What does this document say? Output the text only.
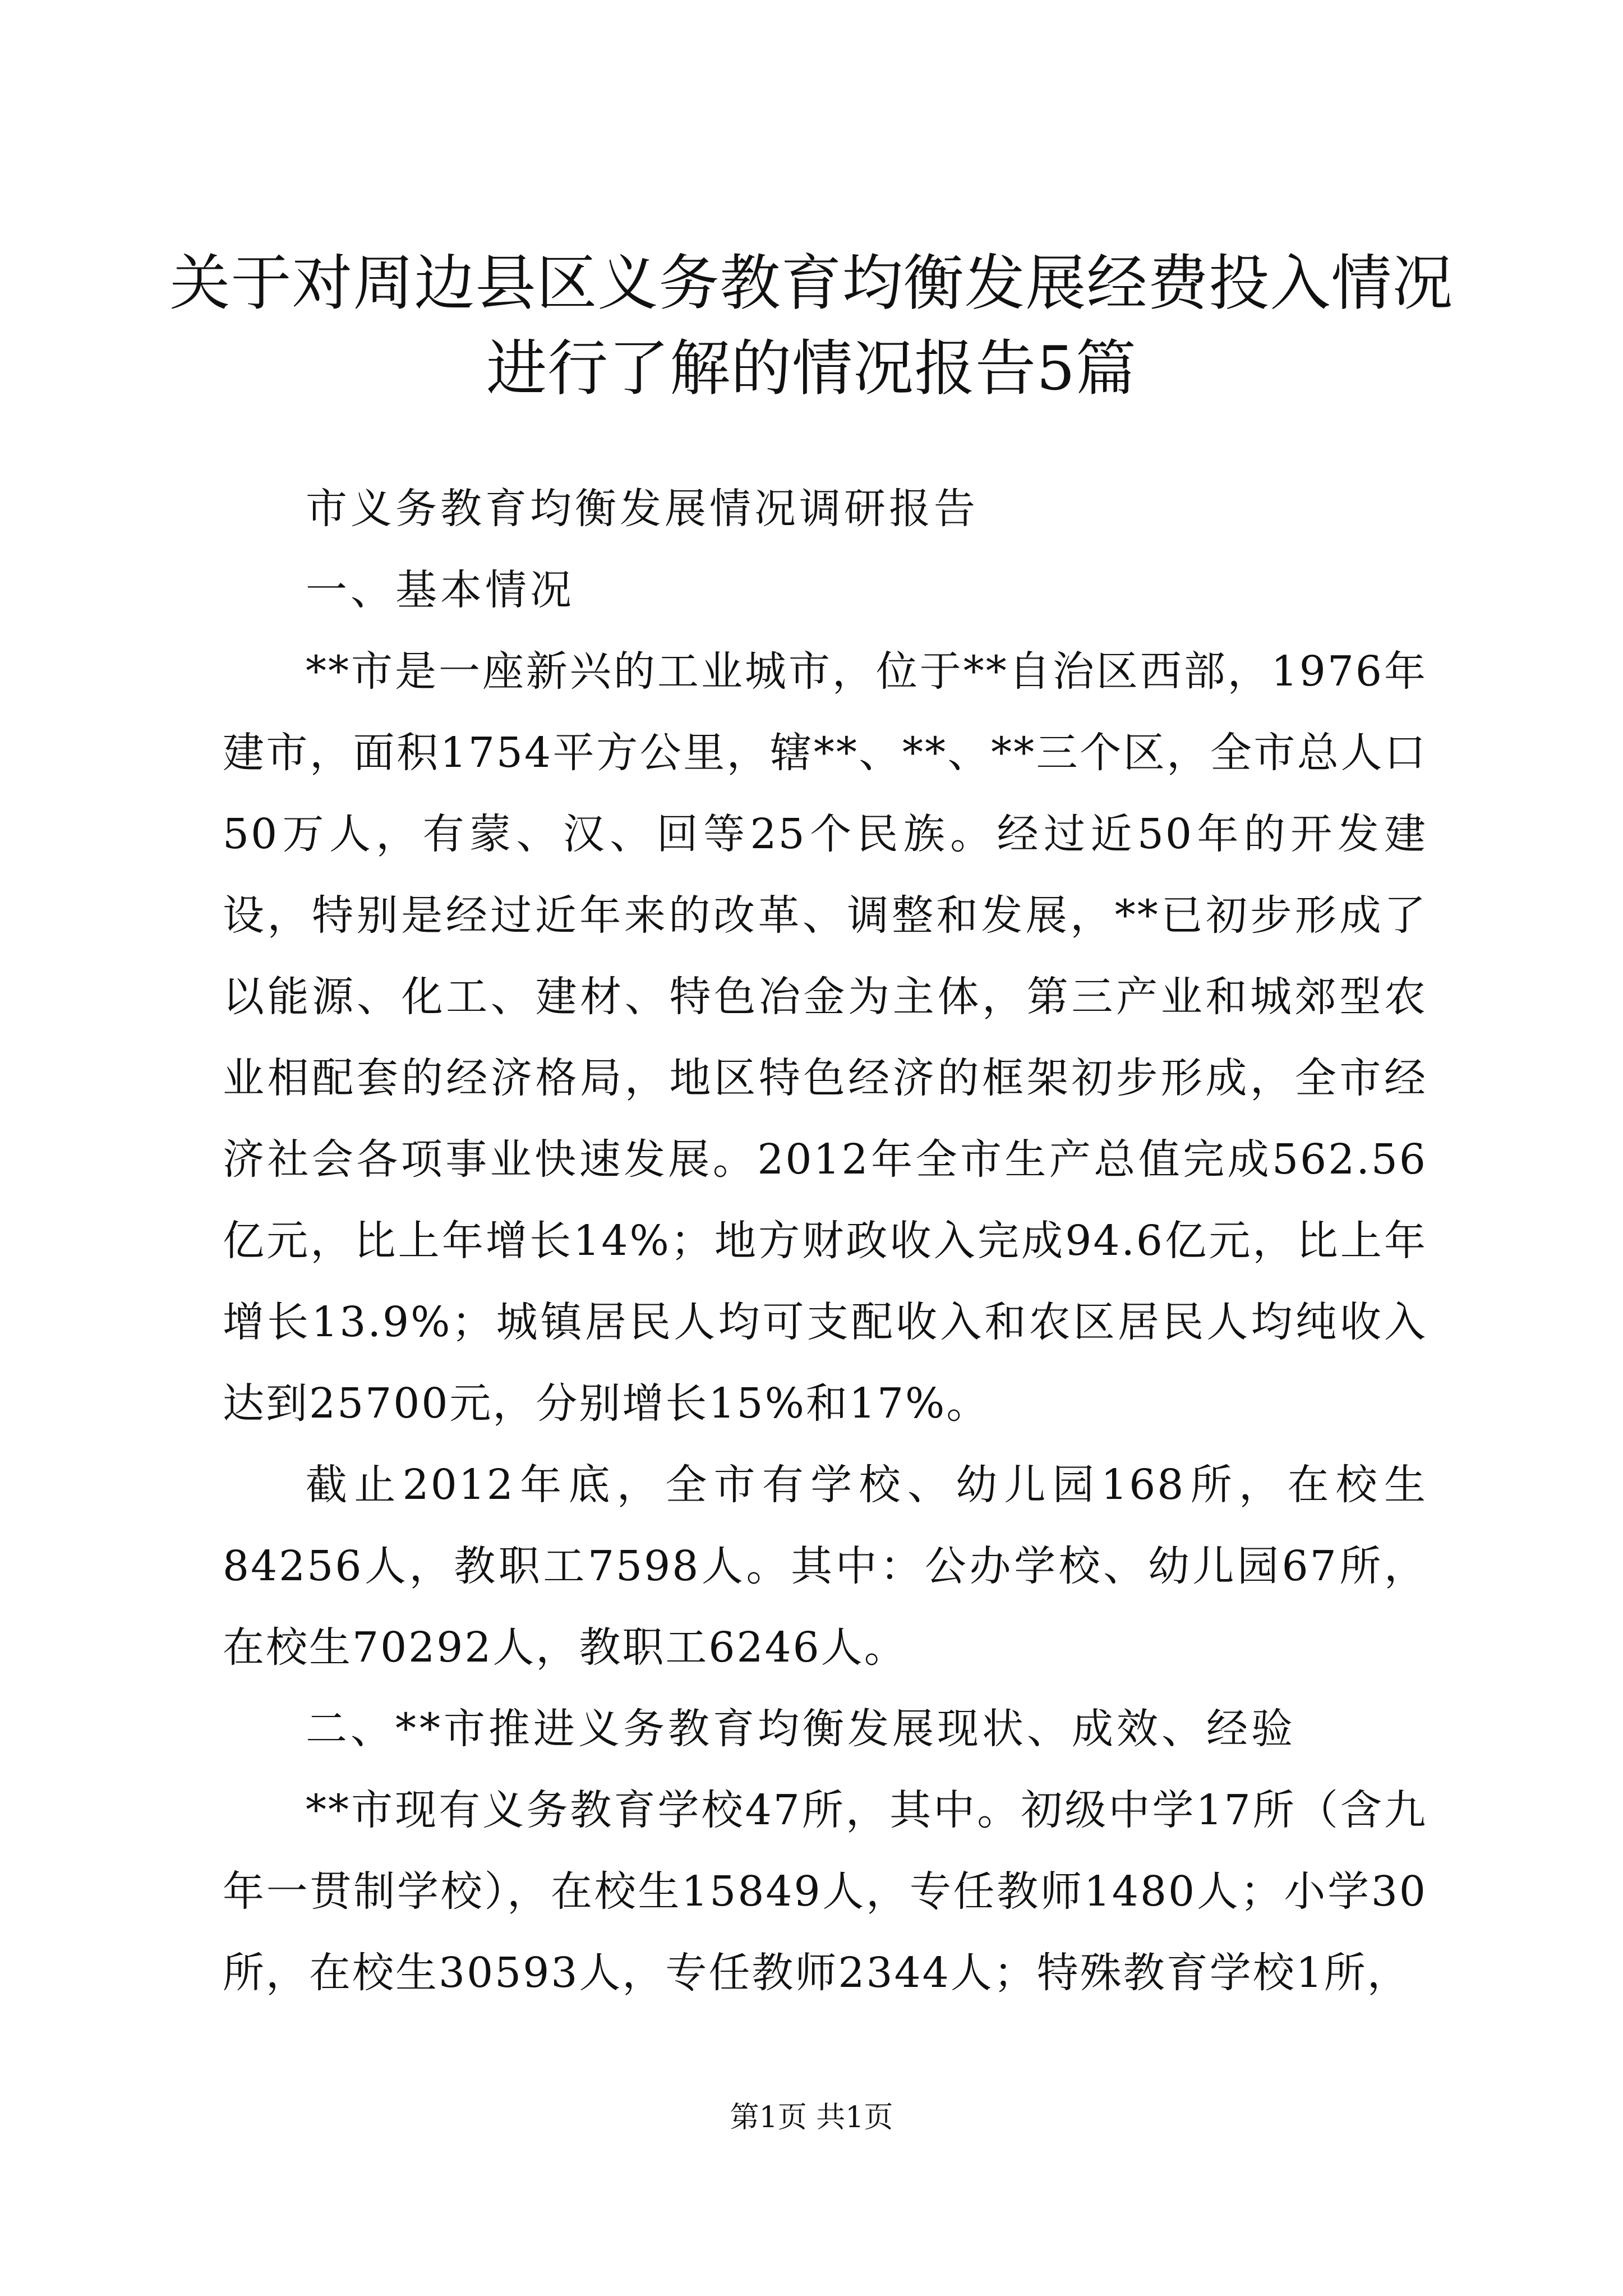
关于对周边县区义务教育均衡发展经费投入情况进行了解的情况报告5篇

市义务教育均衡发展情况调研报告

一、基本情况

**市是一座新兴的工业城市，位于**自治区西部，1976年建市，面积1754平方公里，辖**、**、**三个区，全市总人口50万人，有蒙、汉、回等25个民族。经过近50年的开发建设，特别是经过近年来的改革、调整和发展，**已初步形成了以能源、化工、建材、特色冶金为主体，第三产业和城郊型农业相配套的经济格局，地区特色经济的框架初步形成，全市经济社会各项事业快速发展。2012年全市生产总值完成562.56亿元，比上年增长14%；地方财政收入完成94.6亿元，比上年增长13.9%；城镇居民人均可支配收入和农区居民人均纯收入达到25700元，分别增长15%和17%。

截止2012年底，全市有学校、幼儿园168所，在校生84256人，教职工7598人。其中：公办学校、幼儿园67所，在校生70292人，教职工6246人。

二、**市推进义务教育均衡发展现状、成效、经验

**市现有义务教育学校47所，其中。初级中学17所（含九年一贯制学校），在校生15849人，专任教师1480人；小学30所，在校生30593人，专任教师2344人；特殊教育学校1所，

第1页 共1页
